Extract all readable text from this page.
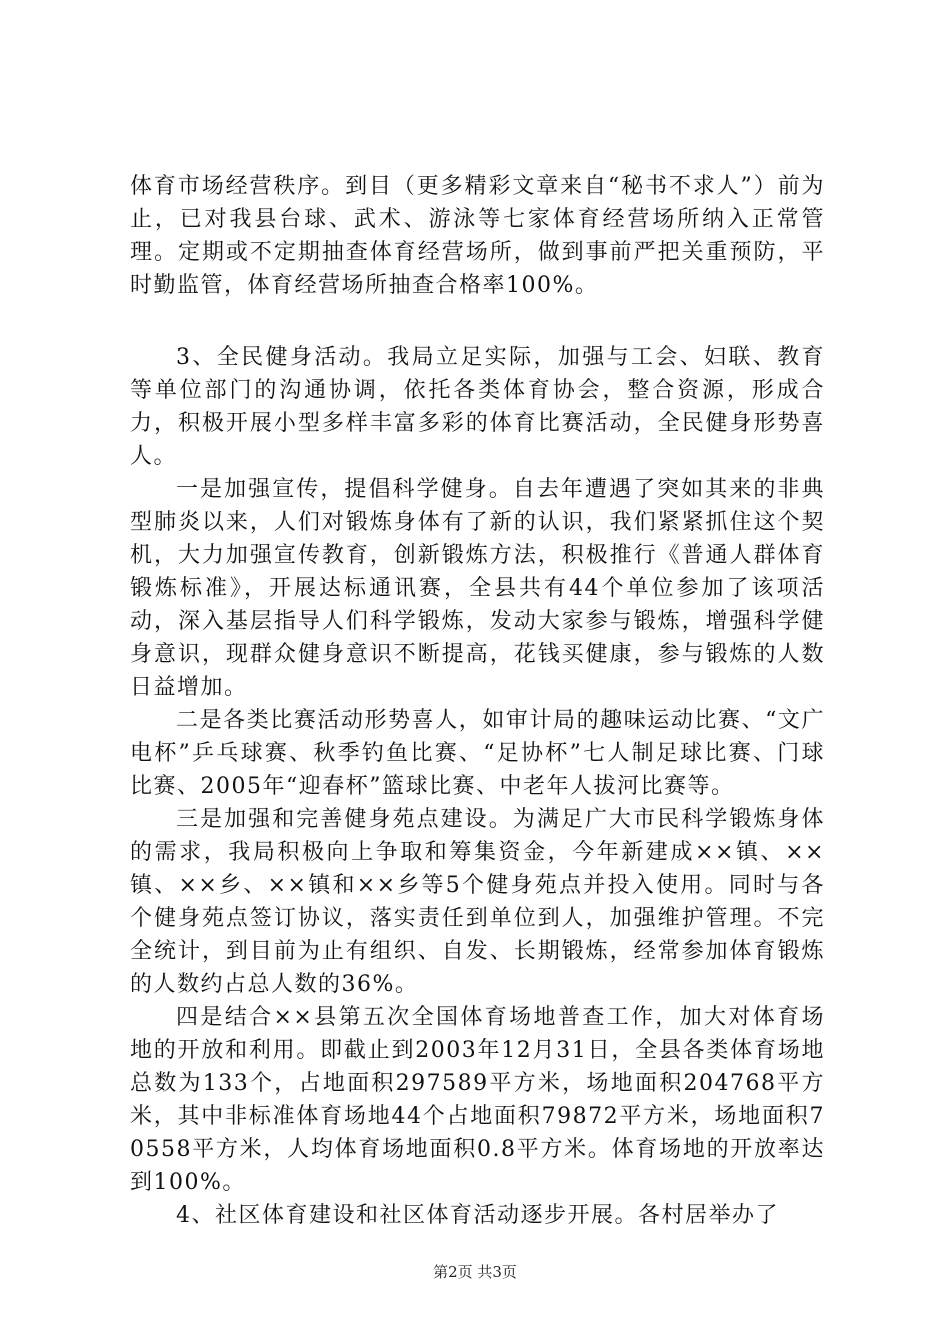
体育市场经营秩序。到目（更多精彩文章来自“秘书不求人”）前为止，已对我县台球、武术、游泳等七家体育经营场所纳入正常管理。定期或不定期抽查体育经营场所，做到事前严把关重预防，平时勤监管，体育经营场所抽查合格率100%。

3、全民健身活动。我局立足实际，加强与工会、妇联、教育等单位部门的沟通协调，依托各类体育协会，整合资源，形成合力，积极开展小型多样丰富多彩的体育比赛活动，全民健身形势喜人。

一是加强宣传，提倡科学健身。自去年遭遇了突如其来的非典型肺炎以来，人们对锻炼身体有了新的认识，我们紧紧抓住这个契机，大力加强宣传教育，创新锻炼方法，积极推行《普通人群体育锻炼标准》，开展达标通讯赛，全县共有44个单位参加了该项活动，深入基层指导人们科学锻炼，发动大家参与锻炼，增强科学健身意识，现群众健身意识不断提高，花钱买健康，参与锻炼的人数日益增加。

二是各类比赛活动形势喜人，如审计局的趣味运动比赛、“文广电杯”乒乓球赛、秋季钓鱼比赛、“足协杯”七人制足球比赛、门球比赛、2005年“迎春杯”篮球比赛、中老年人拔河比赛等。

三是加强和完善健身苑点建设。为满足广大市民科学锻炼身体的需求，我局积极向上争取和筹集资金，今年新建成××镇、××镇、××乡、××镇和××乡等5个健身苑点并投入使用。同时与各个健身苑点签订协议，落实责任到单位到人，加强维护管理。不完全统计，到目前为止有组织、自发、长期锻炼，经常参加体育锻炼的人数约占总人数的36%。

四是结合××县第五次全国体育场地普查工作，加大对体育场地的开放和利用。即截止到2003年12月31日，全县各类体育场地总数为133个，占地面积297589平方米，场地面积204768平方米，其中非标准体育场地44个占地面积79872平方米，场地面积70558平方米，人均体育场地面积0.8平方米。体育场地的开放率达到100%。

4、社区体育建设和社区体育活动逐步开展。各村居举办了

第2页 共3页
